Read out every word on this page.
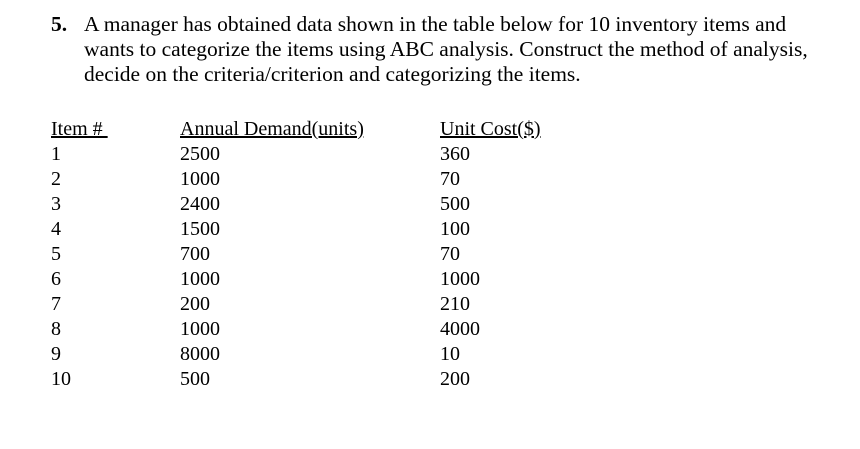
5. A manager has obtained data shown in the table below for 10 inventory items and wants to categorize the items using ABC analysis. Construct the method of analysis, decide on the criteria/criterion and categorizing the items.
Item #	Annual Demand(units)	Unit Cost($)
1	2500	360
2	1000	70
3	2400	500
4	1500	100
5	700	70
6	1000	1000
7	200	210
8	1000	4000
9	8000	10
10	500	200
